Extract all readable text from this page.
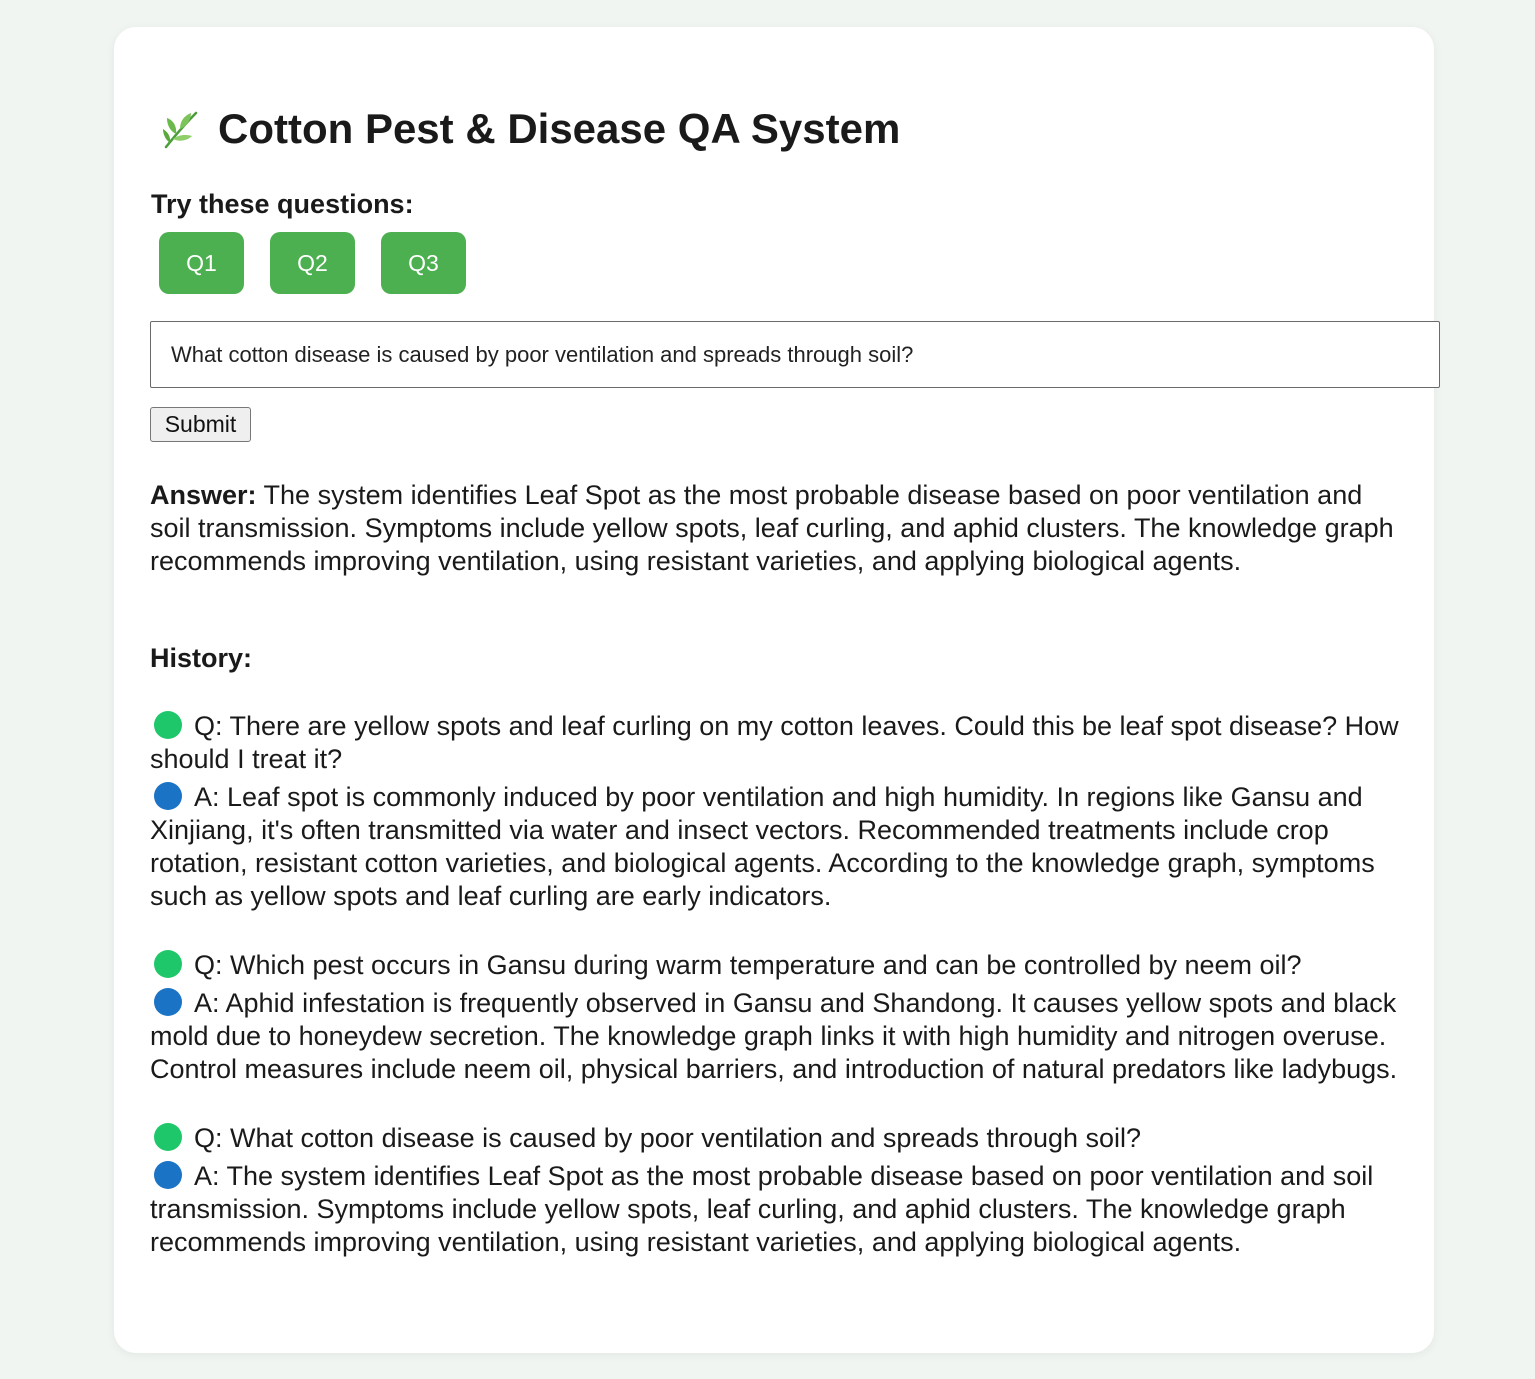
Cotton Pest & Disease QA System

Try these questions:

Q1	Q2	Q3
What cotton disease is caused by poor ventilation and spreads through soil?
Submit

Answer: The system identifies Leaf Spot as the most probable disease based on poor ventilation and soil transmission. Symptoms include yellow spots, leaf curling, and aphid clusters. The knowledge graph recommends improving ventilation, using resistant varieties, and applying biological agents.

History:

Q: There are yellow spots and leaf curling on my cotton leaves. Could this be leaf spot disease? How should I treat it?

A: Leaf spot is commonly induced by poor ventilation and high humidity. In regions like Gansu and Xinjiang, it's often transmitted via water and insect vectors. Recommended treatments include crop rotation, resistant cotton varieties, and biological agents. According to the knowledge graph, symptoms such as yellow spots and leaf curling are early indicators.

Q: Which pest occurs in Gansu during warm temperature and can be controlled by neem oil?

A: Aphid infestation is frequently observed in Gansu and Shandong. It causes yellow spots and black mold due to honeydew secretion. The knowledge graph links it with high humidity and nitrogen overuse. Control measures include neem oil, physical barriers, and introduction of natural predators like ladybugs.

Q: What cotton disease is caused by poor ventilation and spreads through soil?

A: The system identifies Leaf Spot as the most probable disease based on poor ventilation and soil transmission. Symptoms include yellow spots, leaf curling, and aphid clusters. The knowledge graph recommends improving ventilation, using resistant varieties, and applying biological agents.
